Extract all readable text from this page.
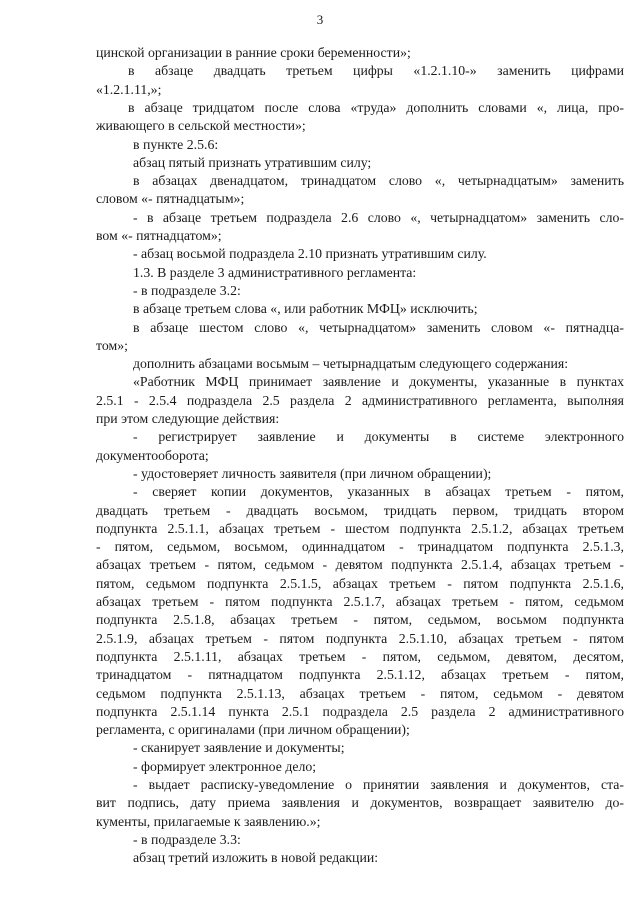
3
цинской организации в ранние сроки беременности»;
в абзаце двадцать третьем цифры «1.2.1.10-» заменить цифрами
«1.2.1.11,»;
в абзаце тридцатом после слова «труда» дополнить словами «, лица, про-
живающего в сельской местности»;
в пункте 2.5.6:
абзац пятый признать утратившим силу;
в абзацах двенадцатом, тринадцатом слово «, четырнадцатым» заменить
словом «- пятнадцатым»;
- в абзаце третьем подраздела 2.6 слово «, четырнадцатом» заменить сло-
вом «- пятнадцатом»;
- абзац восьмой подраздела 2.10 признать утратившим силу.
1.3. В разделе 3 административного регламента:
- в подразделе 3.2:
в абзаце третьем слова «, или работник МФЦ» исключить;
в абзаце шестом слово «, четырнадцатом» заменить словом «- пятнадца-
том»;
дополнить абзацами восьмым – четырнадцатым следующего содержания:
«Работник МФЦ принимает заявление и документы, указанные в пунктах
2.5.1 - 2.5.4 подраздела 2.5 раздела 2 административного регламента, выполняя
при этом следующие действия:
- регистрирует заявление и документы в системе электронного
документооборота;
- удостоверяет личность заявителя (при личном обращении);
- сверяет копии документов, указанных в абзацах третьем - пятом,
двадцать третьем - двадцать восьмом, тридцать первом, тридцать втором
подпункта 2.5.1.1, абзацах третьем - шестом подпункта 2.5.1.2, абзацах третьем
- пятом, седьмом, восьмом, одиннадцатом - тринадцатом подпункта 2.5.1.3,
абзацах третьем - пятом, седьмом - девятом подпункта 2.5.1.4, абзацах третьем -
пятом, седьмом подпункта 2.5.1.5, абзацах третьем - пятом подпункта 2.5.1.6,
абзацах третьем - пятом подпункта 2.5.1.7, абзацах третьем - пятом, седьмом
подпункта 2.5.1.8, абзацах третьем - пятом, седьмом, восьмом подпункта
2.5.1.9, абзацах третьем - пятом подпункта 2.5.1.10, абзацах третьем - пятом
подпункта 2.5.1.11, абзацах третьем - пятом, седьмом, девятом, десятом,
тринадцатом - пятнадцатом подпункта 2.5.1.12, абзацах третьем - пятом,
седьмом подпункта 2.5.1.13, абзацах третьем - пятом, седьмом - девятом
подпункта 2.5.1.14 пункта 2.5.1 подраздела 2.5 раздела 2 административного
регламента, с оригиналами (при личном обращении);
- сканирует заявление и документы;
- формирует электронное дело;
- выдает расписку-уведомление о принятии заявления и документов, ста-
вит подпись, дату приема заявления и документов, возвращает заявителю до-
кументы, прилагаемые к заявлению.»;
- в подразделе 3.3:
абзац третий изложить в новой редакции:
